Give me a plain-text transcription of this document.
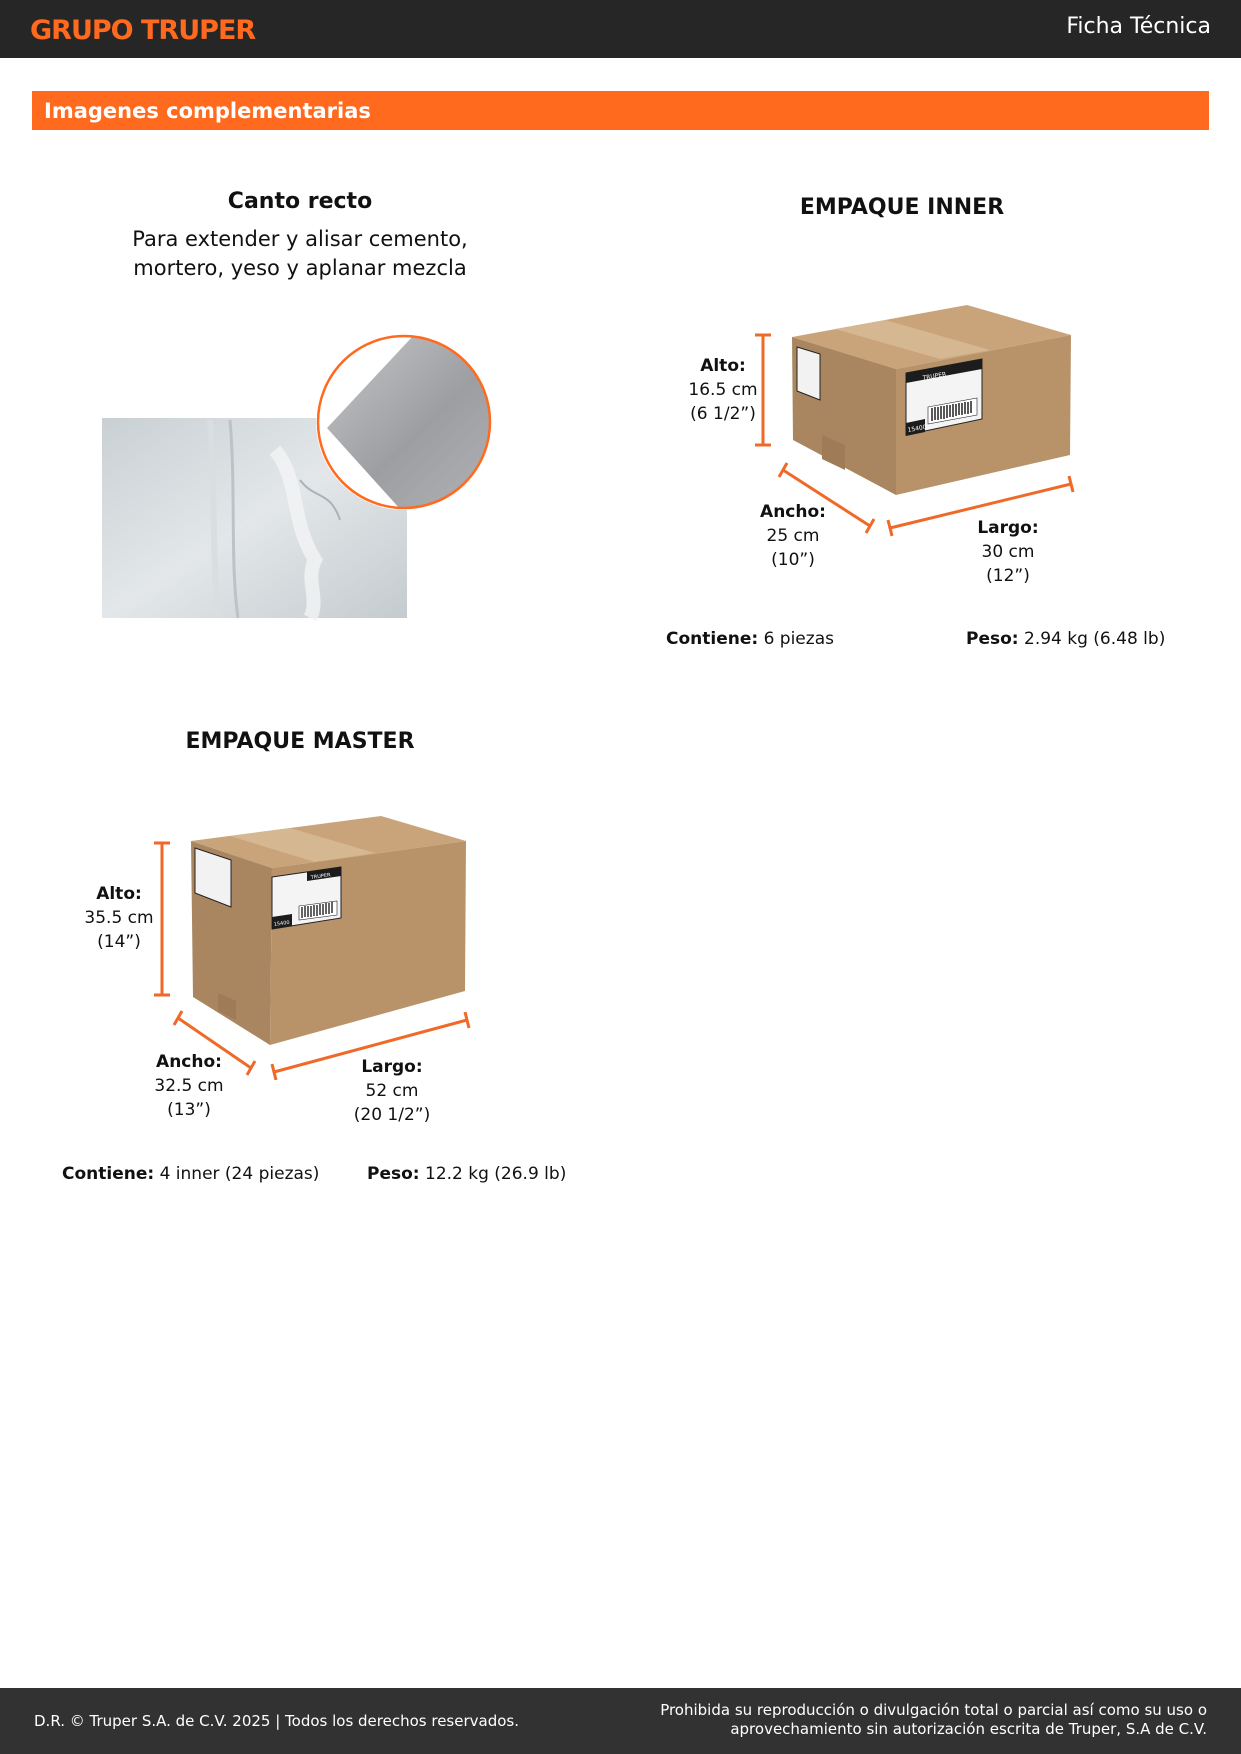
GRUPO TRUPER	Ficha Técnica
Imagenes complementarias
Canto recto
Para extender y alisar cemento,
mortero, yeso y aplanar mezcla
EMPAQUE INNER
TRUPER
15400
Alto:
16.5 cm
(6 1/2”)
Ancho:
25 cm
(10”)
Largo:
30 cm
(12”)
Contiene: 6 piezas	Peso: 2.94 kg (6.48 lb)
EMPAQUE MASTER
TRUPER
15400
Alto:
35.5 cm
(14”)
Ancho:
32.5 cm
(13”)
Largo:
52 cm
(20 1/2”)
Contiene: 4 inner (24 piezas)	Peso: 12.2 kg (26.9 lb)
D.R. © Truper S.A. de C.V. 2025 | Todos los derechos reservados.
Prohibida su reproducción o divulgación total o parcial así como su uso o
aprovechamiento sin autorización escrita de Truper, S.A de C.V.
